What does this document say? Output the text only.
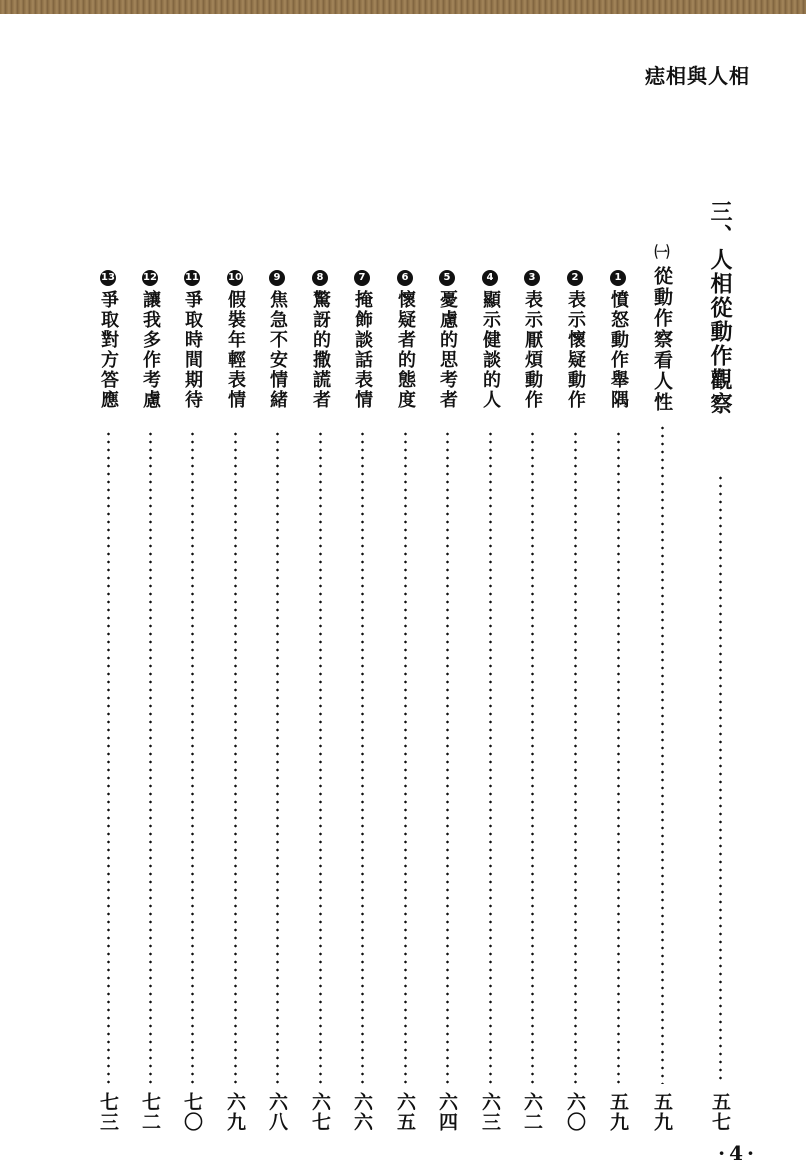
痣相與人相
三、人相從動作觀察
五七
㈠
從動作察看人性
五九
1
憤怒動作舉隅
五九
2
表示懷疑動作
六〇
3
表示厭煩動作
六二
4
顯示健談的人
六三
5
憂慮的思考者
六四
6
懷疑者的態度
六五
7
掩飾談話表情
六六
8
驚訝的撒謊者
六七
9
焦急不安情緒
六八
10
假裝年輕表情
六九
11
爭取時間期待
七〇
12
讓我多作考慮
七二
13
爭取對方答應
七三
·4·
